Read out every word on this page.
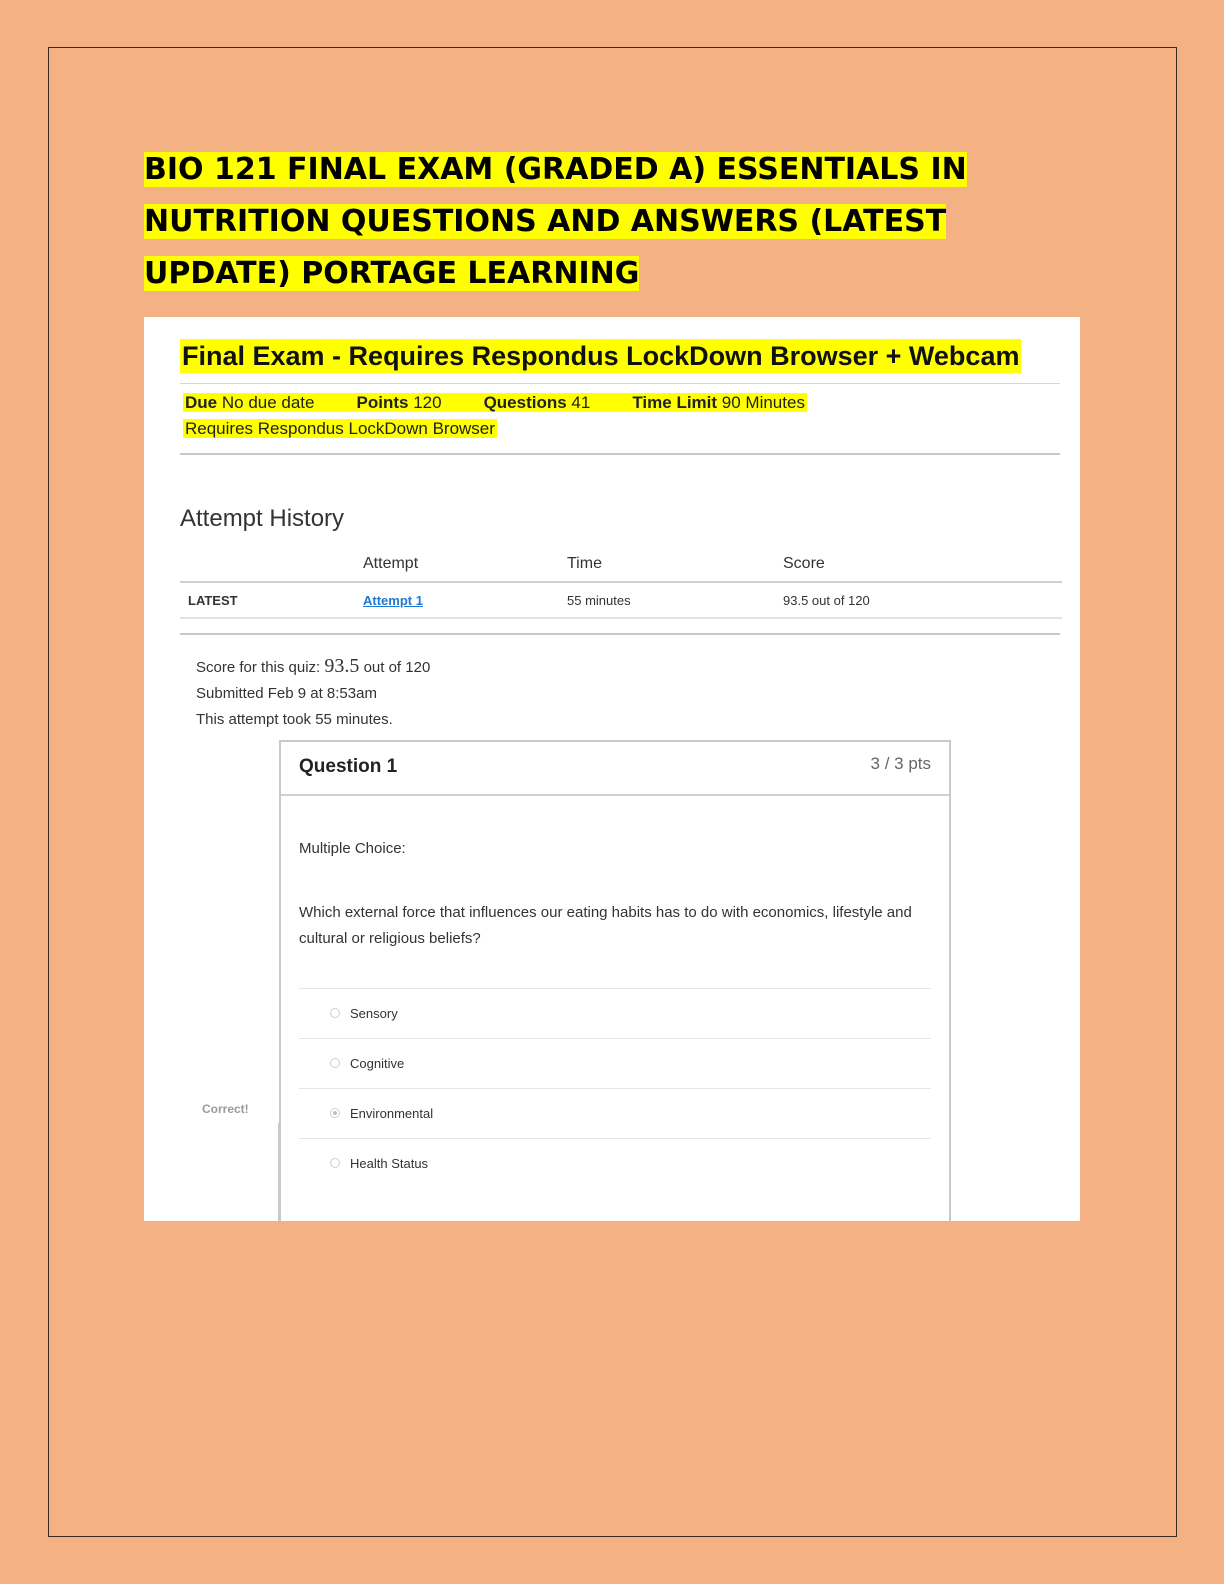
BIO 121 FINAL EXAM (GRADED A) ESSENTIALS IN
NUTRITION QUESTIONS AND ANSWERS (LATEST
UPDATE) PORTAGE LEARNING
Final Exam - Requires Respondus LockDown Browser + Webcam
Due No due date Points 120 Questions 41 Time Limit 90 Minutes
Requires Respondus LockDown Browser
Attempt History
	Attempt	Time	Score
LATEST	Attempt 1	55 minutes	93.5 out of 120
Score for this quiz: 93.5 out of 120
Submitted Feb 9 at 8:53am
This attempt took 55 minutes.
Correct!
Question 1	3 / 3 pts
Multiple Choice:
Which external force that influences our eating habits has to do with economics, lifestyle and cultural or religious beliefs?
Sensory
Cognitive
Environmental
Health Status
